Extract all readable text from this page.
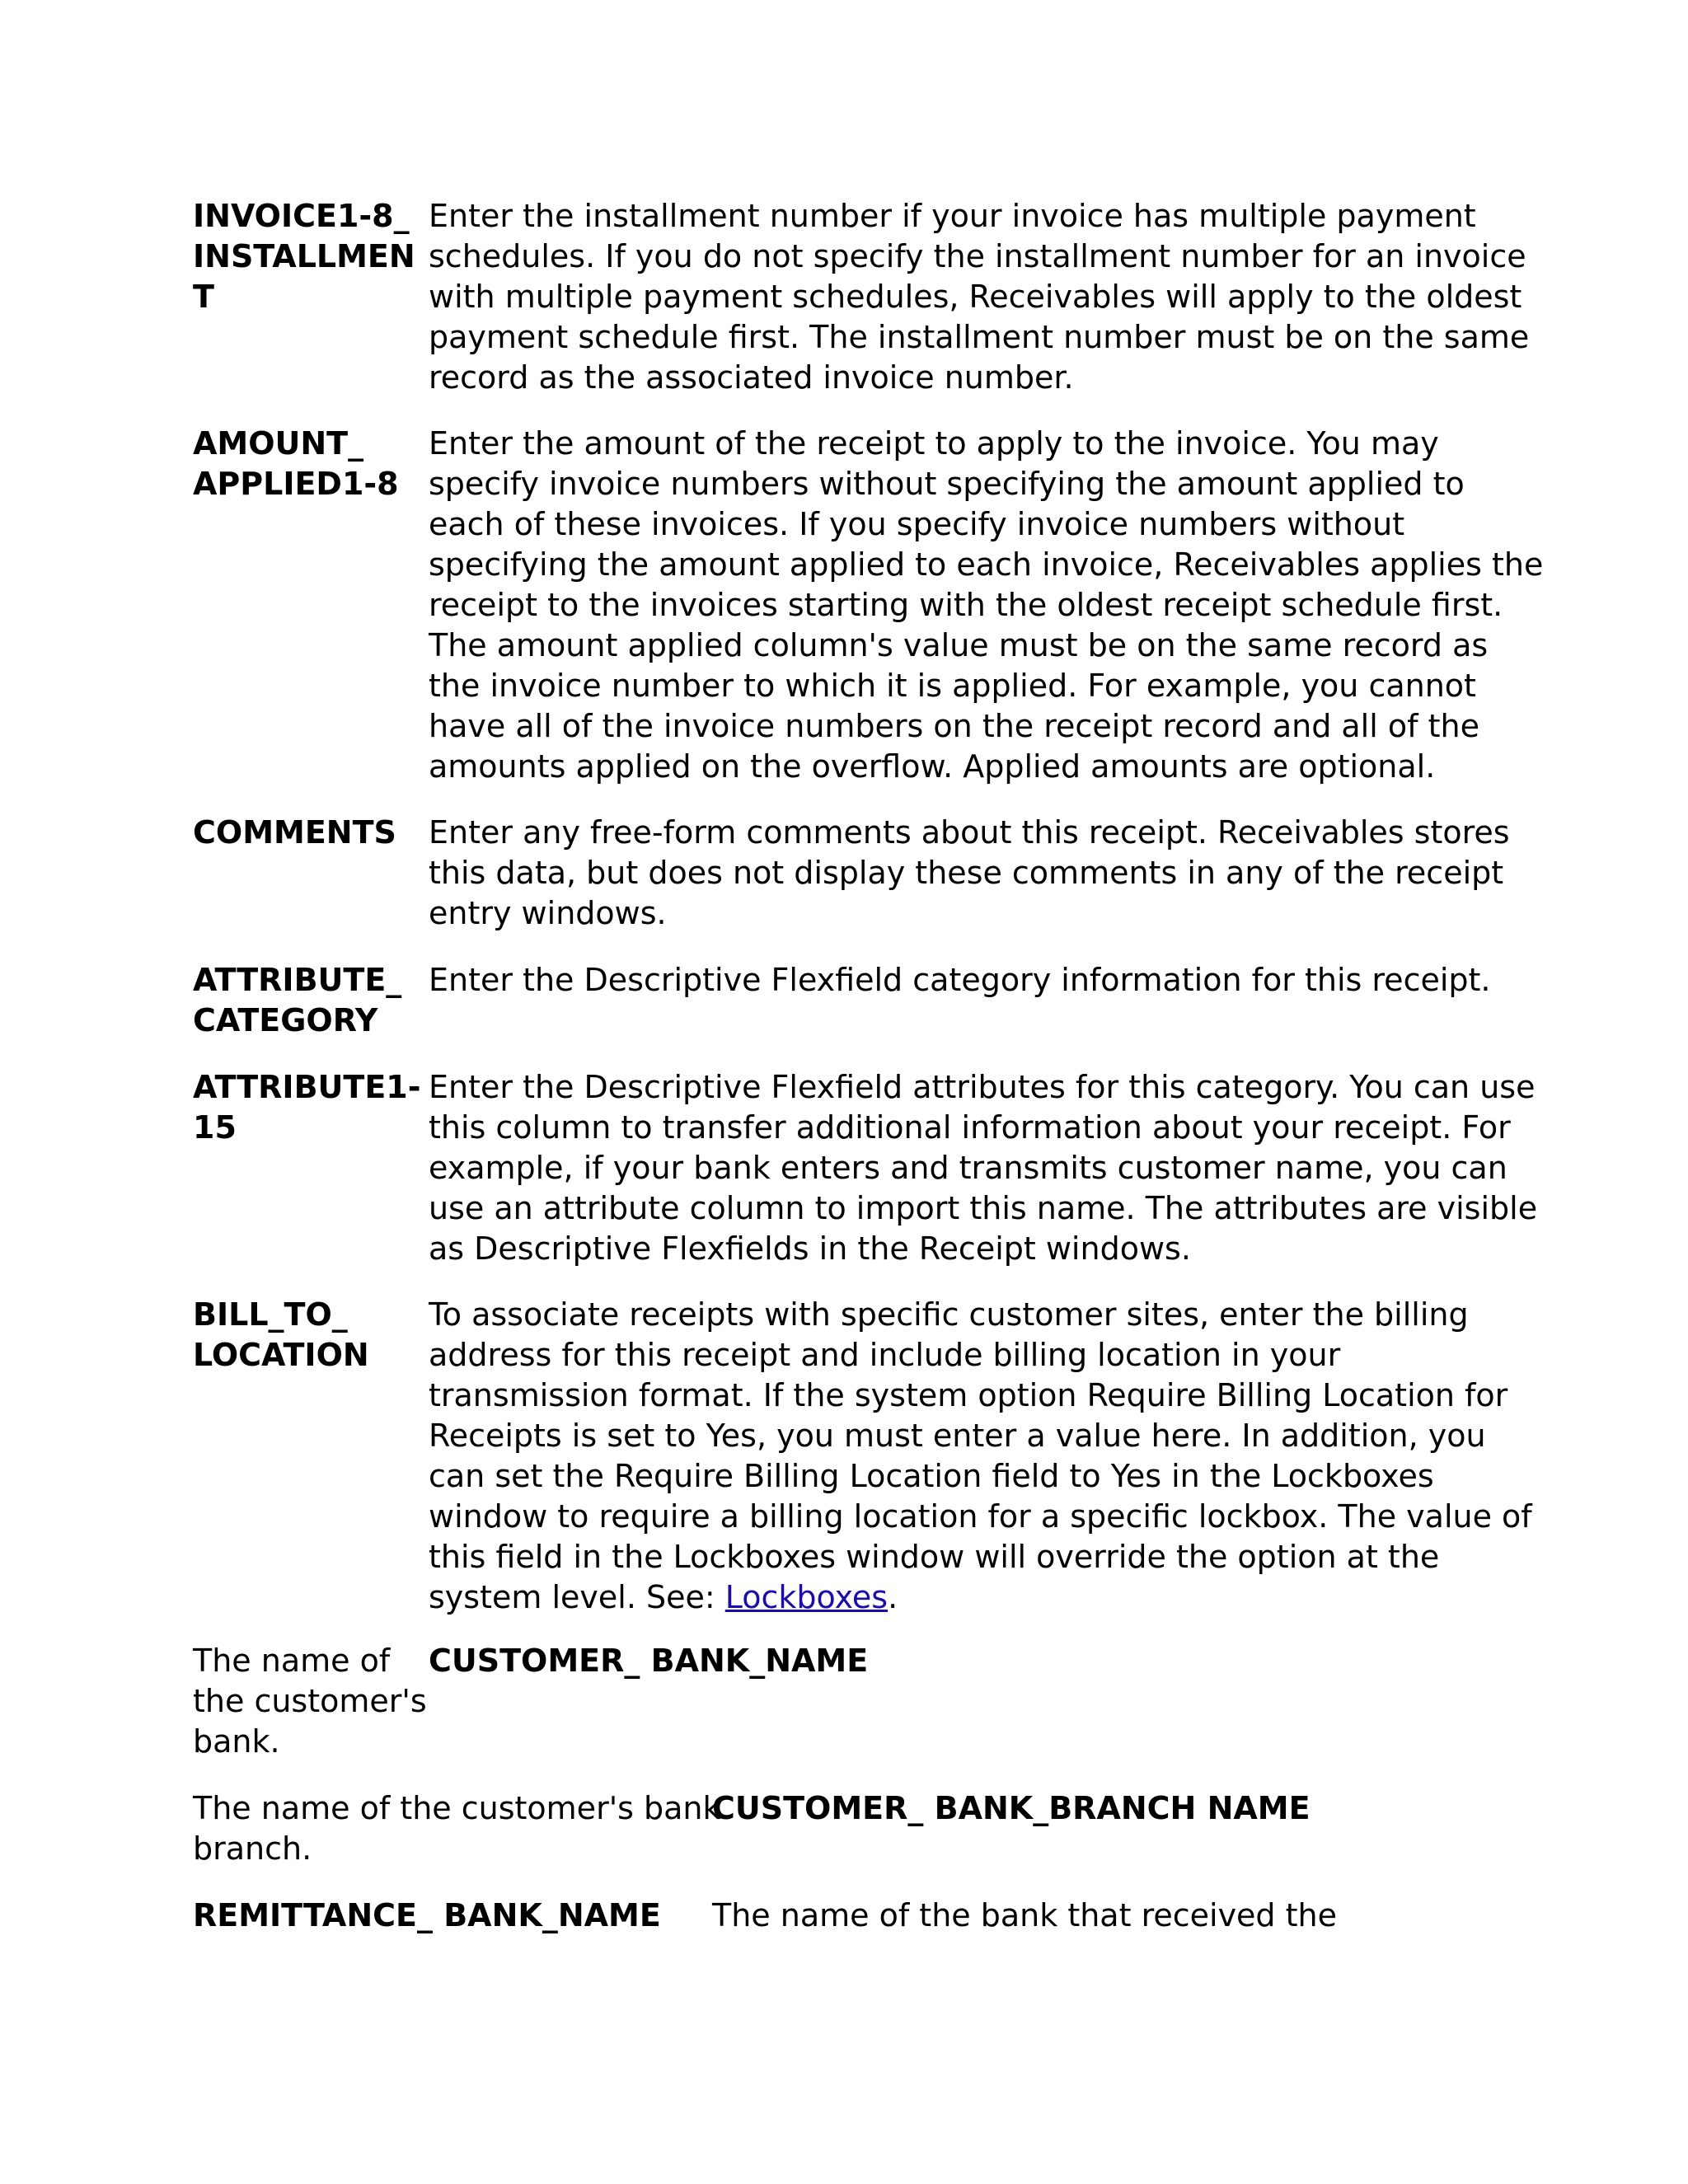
INVOICE1-8_
INSTALLMEN
T
Enter the installment number if your invoice has multiple payment
schedules. If you do not specify the installment number for an invoice
with multiple payment schedules, Receivables will apply to the oldest
payment schedule first. The installment number must be on the same
record as the associated invoice number.
AMOUNT_
APPLIED1-8
Enter the amount of the receipt to apply to the invoice. You may
specify invoice numbers without specifying the amount applied to
each of these invoices. If you specify invoice numbers without
specifying the amount applied to each invoice, Receivables applies the
receipt to the invoices starting with the oldest receipt schedule first.
The amount applied column's value must be on the same record as
the invoice number to which it is applied. For example, you cannot
have all of the invoice numbers on the receipt record and all of the
amounts applied on the overflow. Applied amounts are optional.
COMMENTS Enter any free-form comments about this receipt. Receivables stores
this data, but does not display these comments in any of the receipt
entry windows.
ATTRIBUTE_
CATEGORY
Enter the Descriptive Flexfield category information for this receipt.
ATTRIBUTE1-
15
Enter the Descriptive Flexfield attributes for this category. You can use
this column to transfer additional information about your receipt. For
example, if your bank enters and transmits customer name, you can
use an attribute column to import this name. The attributes are visible
as Descriptive Flexfields in the Receipt windows.
BILL_TO_
LOCATION
To associate receipts with specific customer sites, enter the billing
address for this receipt and include billing location in your
transmission format. If the system option Require Billing Location for
Receipts is set to Yes, you must enter a value here. In addition, you
can set the Require Billing Location field to Yes in the Lockboxes
window to require a billing location for a specific lockbox. The value of
this field in the Lockboxes window will override the option at the
system level. See: Lockboxes.
The name of
the customer's
bank.
CUSTOMER_ BANK_NAME
The name of the customer's bank
branch.
CUSTOMER_ BANK_BRANCH NAME
REMITTANCE_ BANK_NAME The name of the bank that received the
